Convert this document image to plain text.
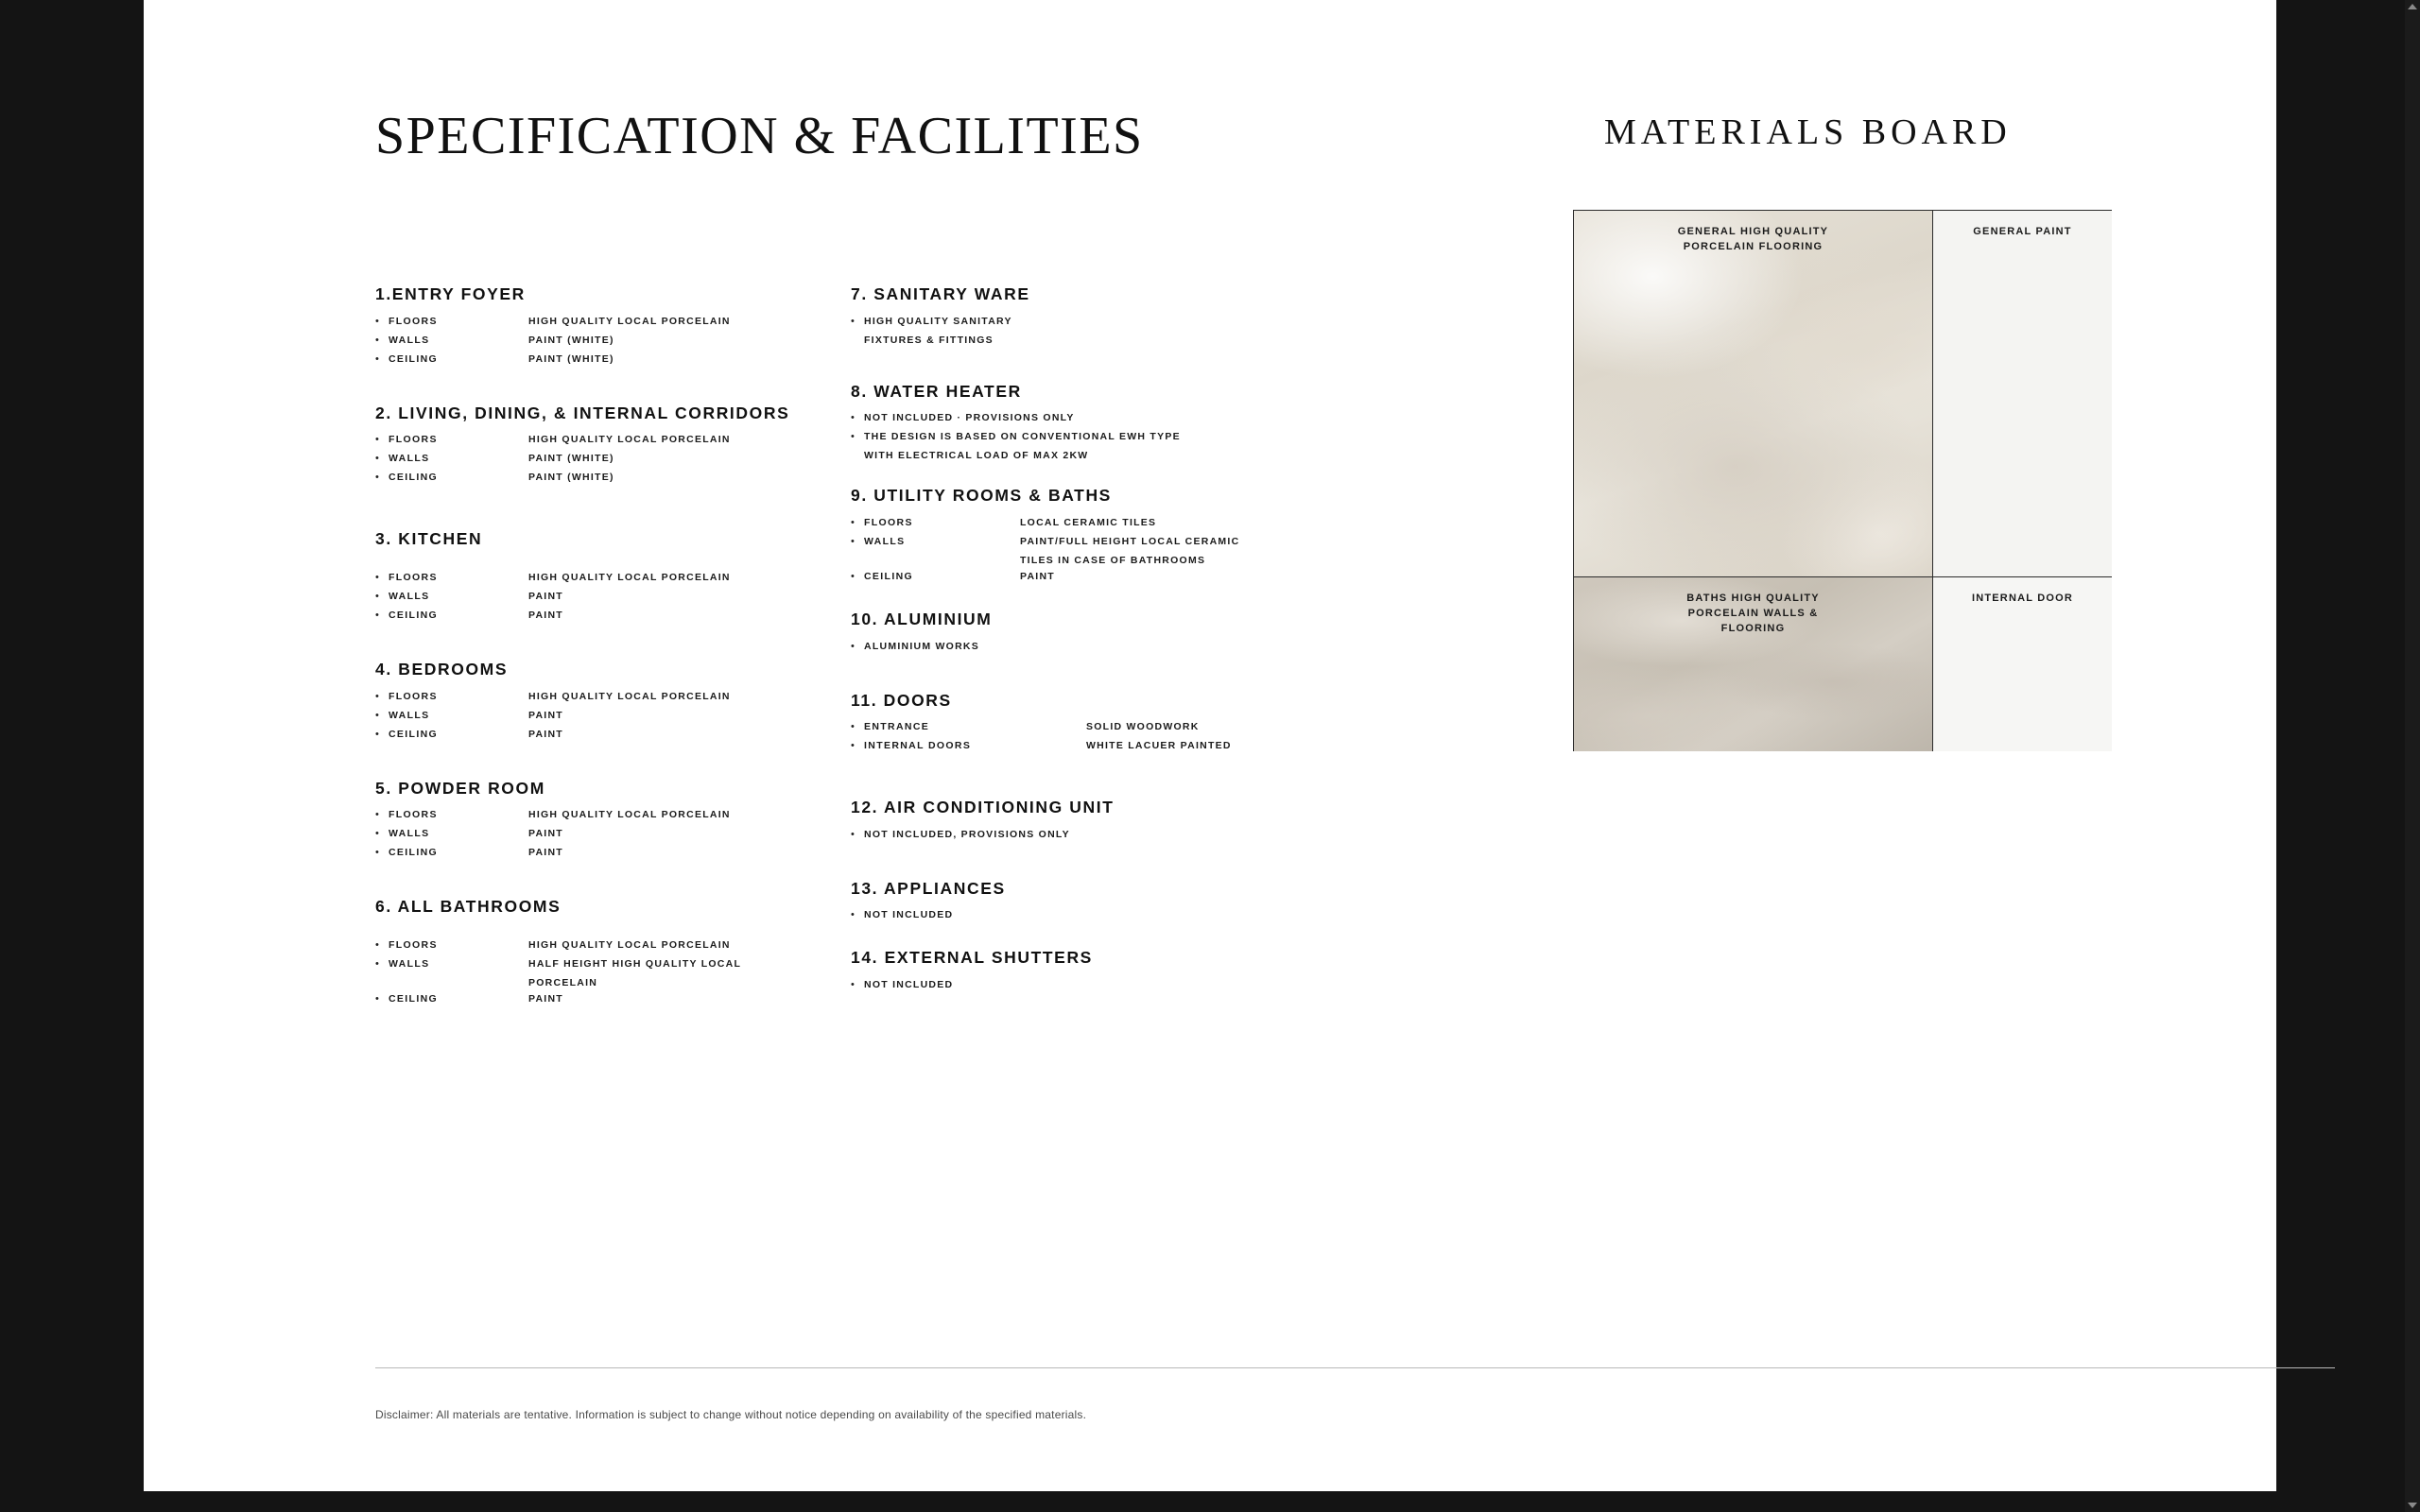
SPECIFICATION & FACILITIES	MATERIALS BOARD
1.ENTRY FOYER
• FLOORS	HIGH QUALITY LOCAL PORCELAIN
• WALLS	PAINT (WHITE)
• CEILING	PAINT (WHITE)
2. LIVING, DINING, & INTERNAL CORRIDORS
• FLOORS	HIGH QUALITY LOCAL PORCELAIN
• WALLS	PAINT (WHITE)
• CEILING	PAINT (WHITE)
3. KITCHEN
• FLOORS	HIGH QUALITY LOCAL PORCELAIN
• WALLS	PAINT
• CEILING	PAINT
4. BEDROOMS
• FLOORS	HIGH QUALITY LOCAL PORCELAIN
• WALLS	PAINT
• CEILING	PAINT
5. POWDER ROOM
• FLOORS	HIGH QUALITY LOCAL PORCELAIN
• WALLS	PAINT
• CEILING	PAINT
6. ALL BATHROOMS
• FLOORS	HIGH QUALITY LOCAL PORCELAIN
• WALLS	HALF HEIGHT HIGH QUALITY LOCAL
PORCELAIN
• CEILING	PAINT
7. SANITARY WARE
• HIGH QUALITY SANITARY
FIXTURES & FITTINGS
8. WATER HEATER
• NOT INCLUDED · PROVISIONS ONLY
• THE DESIGN IS BASED ON CONVENTIONAL EWH TYPE
WITH ELECTRICAL LOAD OF MAX 2KW
9. UTILITY ROOMS & BATHS
• FLOORS	LOCAL CERAMIC TILES
• WALLS	PAINT/FULL HEIGHT LOCAL CERAMIC
TILES IN CASE OF BATHROOMS
• CEILING	PAINT
10. ALUMINIUM
• ALUMINIUM WORKS
11. DOORS
• ENTRANCE	SOLID WOODWORK
• INTERNAL DOORS	WHITE LACUER PAINTED
12. AIR CONDITIONING UNIT
• NOT INCLUDED, PROVISIONS ONLY
13. APPLIANCES
• NOT INCLUDED
14. EXTERNAL SHUTTERS
• NOT INCLUDED
GENERAL HIGH QUALITY
PORCELAIN FLOORING
GENERAL PAINT
BATHS HIGH QUALITY
PORCELAIN WALLS &
FLOORING
INTERNAL DOOR
Disclaimer: All materials are tentative. Information is subject to change without notice depending on availability of the specified materials.
